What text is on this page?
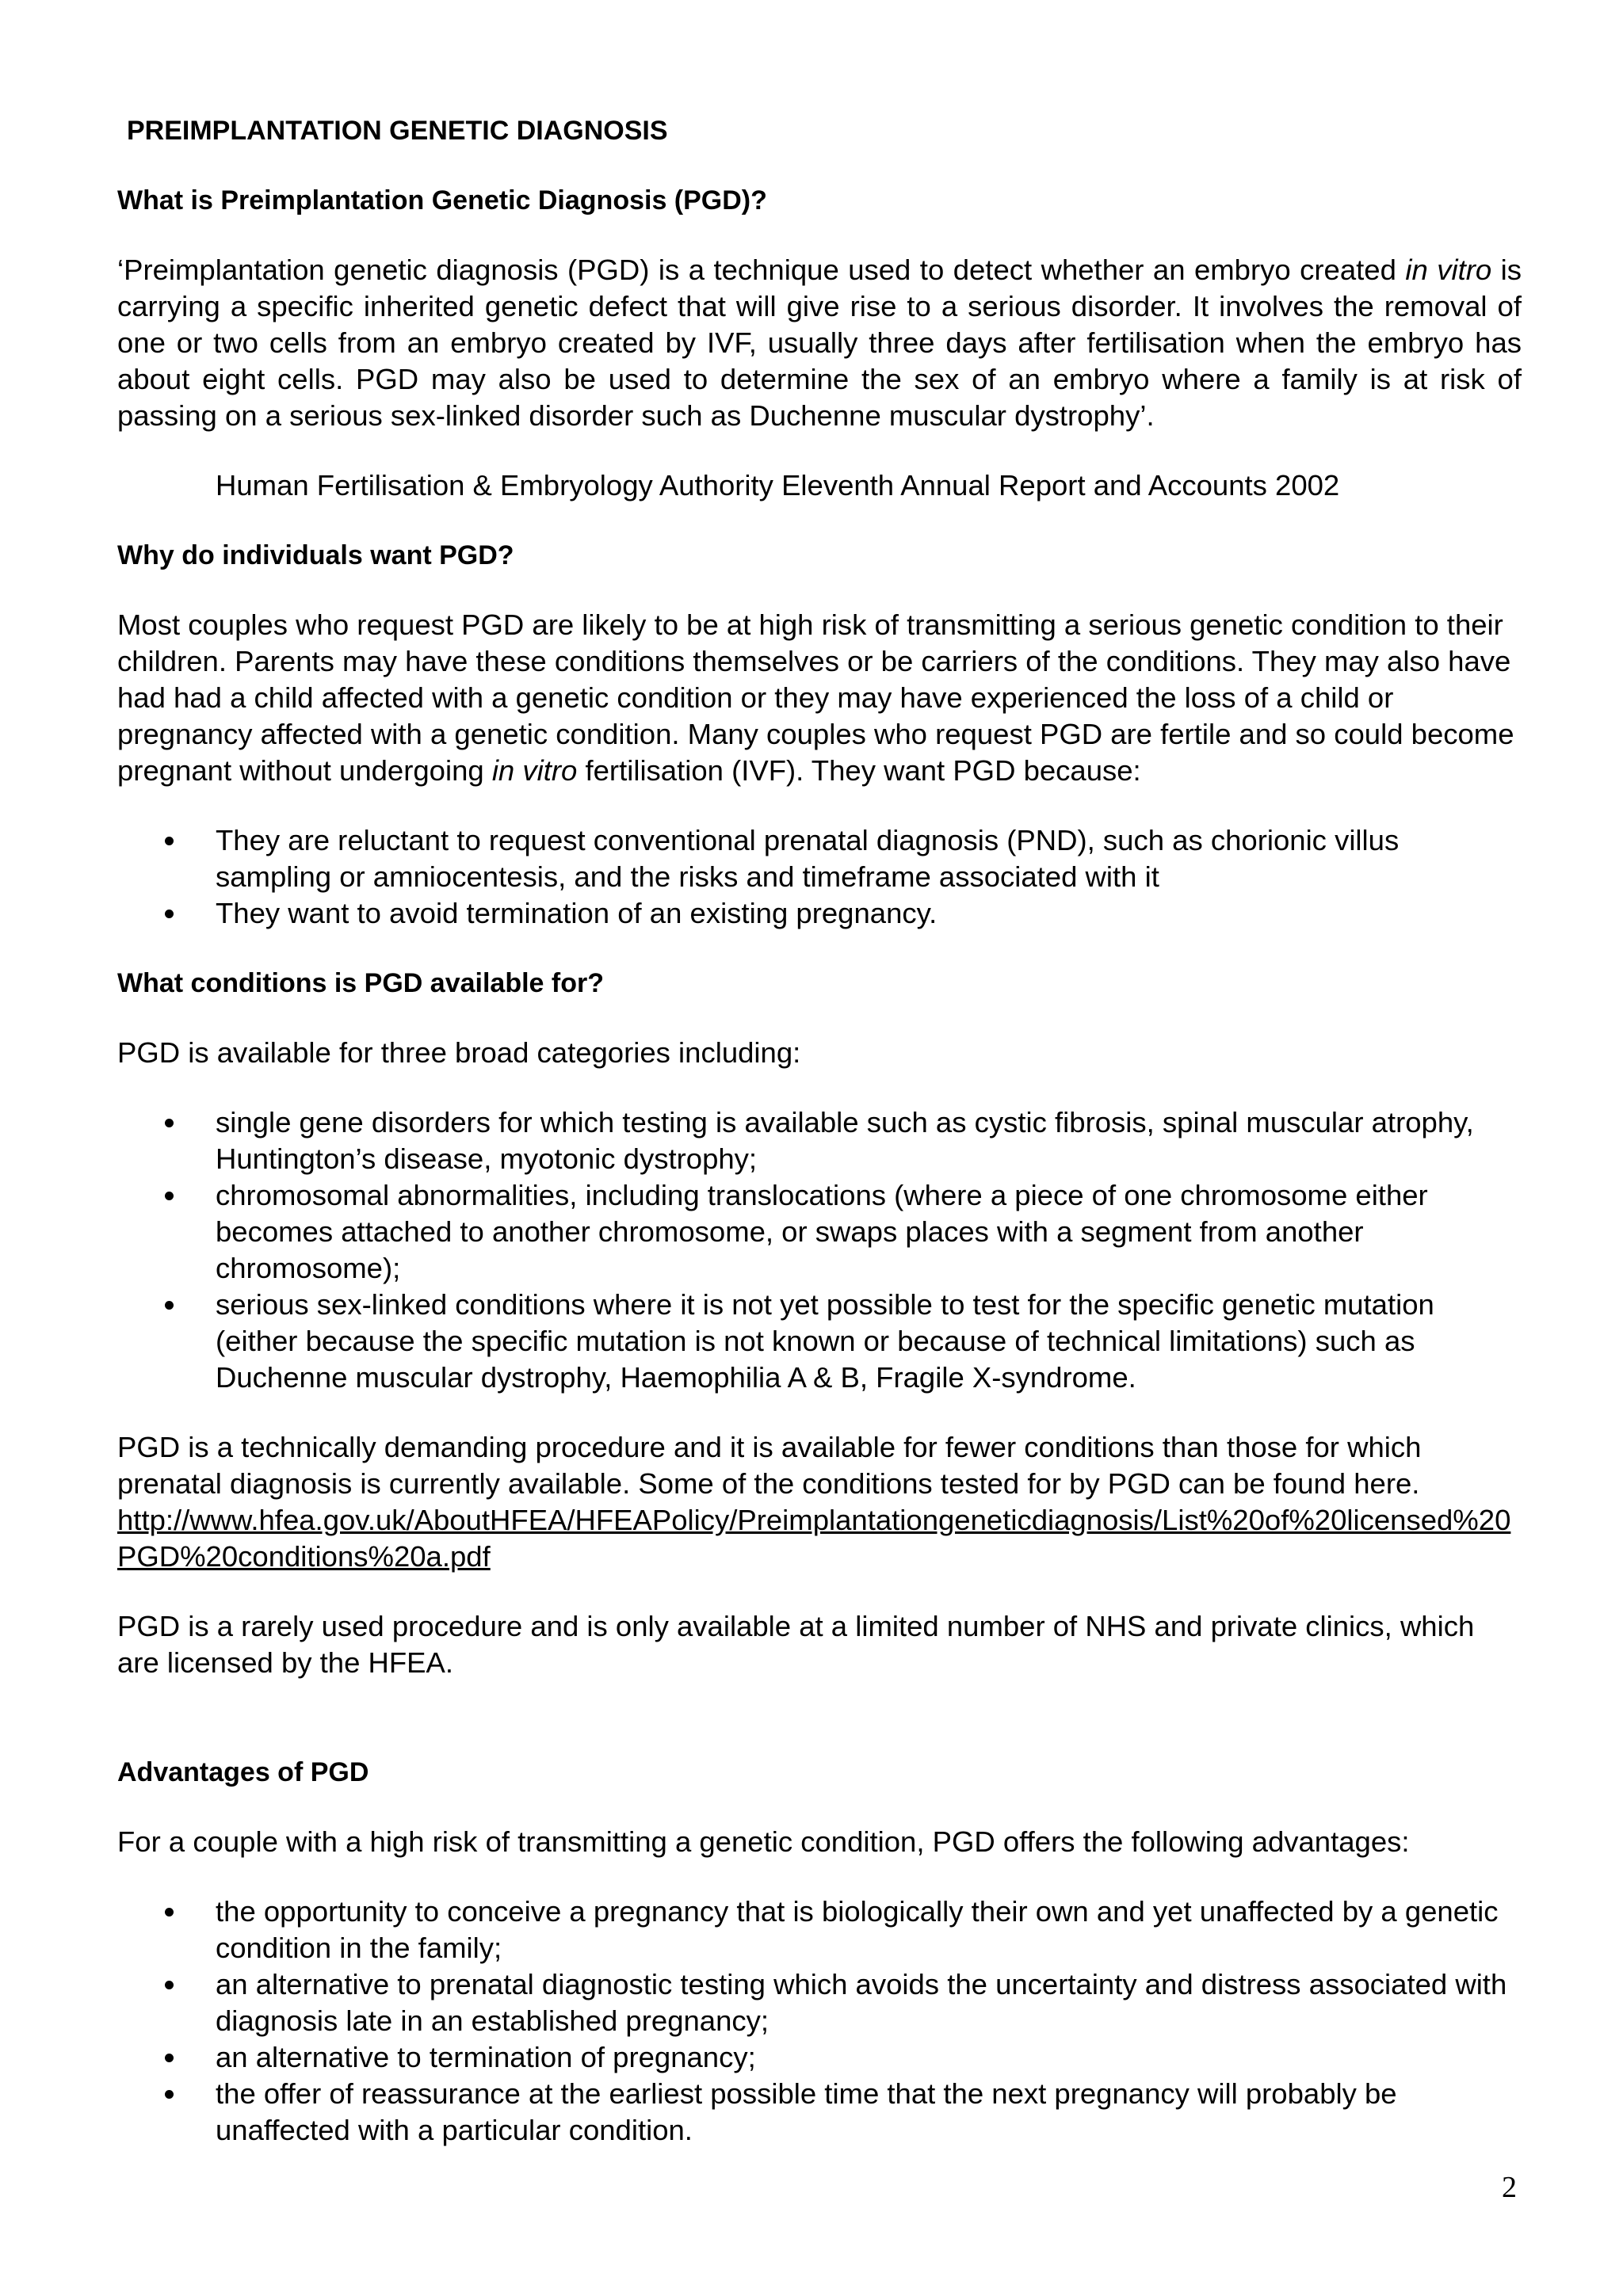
PREIMPLANTATION GENETIC DIAGNOSIS
What is Preimplantation Genetic Diagnosis (PGD)?

‘Preimplantation genetic diagnosis (PGD) is a technique used to detect whether an embryo created in vitro is carrying a specific inherited genetic defect that will give rise to a serious disorder. It involves the removal of one or two cells from an embryo created by IVF, usually three days after fertilisation when the embryo has about eight cells. PGD may also be used to determine the sex of an embryo where a family is at risk of passing on a serious sex-linked disorder such as Duchenne muscular dystrophy’.

Human Fertilisation & Embryology Authority Eleventh Annual Report and Accounts 2002

Why do individuals want PGD?

Most couples who request PGD are likely to be at high risk of transmitting a serious genetic condition to their children. Parents may have these conditions themselves or be carriers of the conditions. They may also have had had a child affected with a genetic condition or they may have experienced the loss of a child or pregnancy affected with a genetic condition. Many couples who request PGD are fertile and so could become pregnant without undergoing in vitro fertilisation (IVF). They want PGD because:

They are reluctant to request conventional prenatal diagnosis (PND), such as chorionic villus sampling or amniocentesis, and the risks and timeframe associated with it
They want to avoid termination of an existing pregnancy.
What conditions is PGD available for?

PGD is available for three broad categories including:

single gene disorders for which testing is available such as cystic fibrosis, spinal muscular atrophy, Huntington’s disease, myotonic dystrophy;
chromosomal abnormalities, including translocations (where a piece of one chromosome either becomes attached to another chromosome, or swaps places with a segment from another chromosome);
serious sex-linked conditions where it is not yet possible to test for the specific genetic mutation (either because the specific mutation is not known or because of technical limitations) such as Duchenne muscular dystrophy, Haemophilia A & B, Fragile X-syndrome.

PGD is a technically demanding procedure and it is available for fewer conditions than those for which prenatal diagnosis is currently available. Some of the conditions tested for by PGD can be found here.
http://www.hfea.gov.uk/AboutHFEA/HFEAPolicy/Preimplantationgeneticdiagnosis/List%20of%20licensed%20PGD%20conditions%20a.pdf

PGD is a rarely used procedure and is only available at a limited number of NHS and private clinics, which are licensed by the HFEA.

Advantages of PGD

For a couple with a high risk of transmitting a genetic condition, PGD offers the following advantages:

the opportunity to conceive a pregnancy that is biologically their own and yet unaffected by a genetic condition in the family;
an alternative to prenatal diagnostic testing which avoids the uncertainty and distress associated with diagnosis late in an established pregnancy;
an alternative to termination of pregnancy;
the offer of reassurance at the earliest possible time that the next pregnancy will probably be unaffected with a particular condition.
2
